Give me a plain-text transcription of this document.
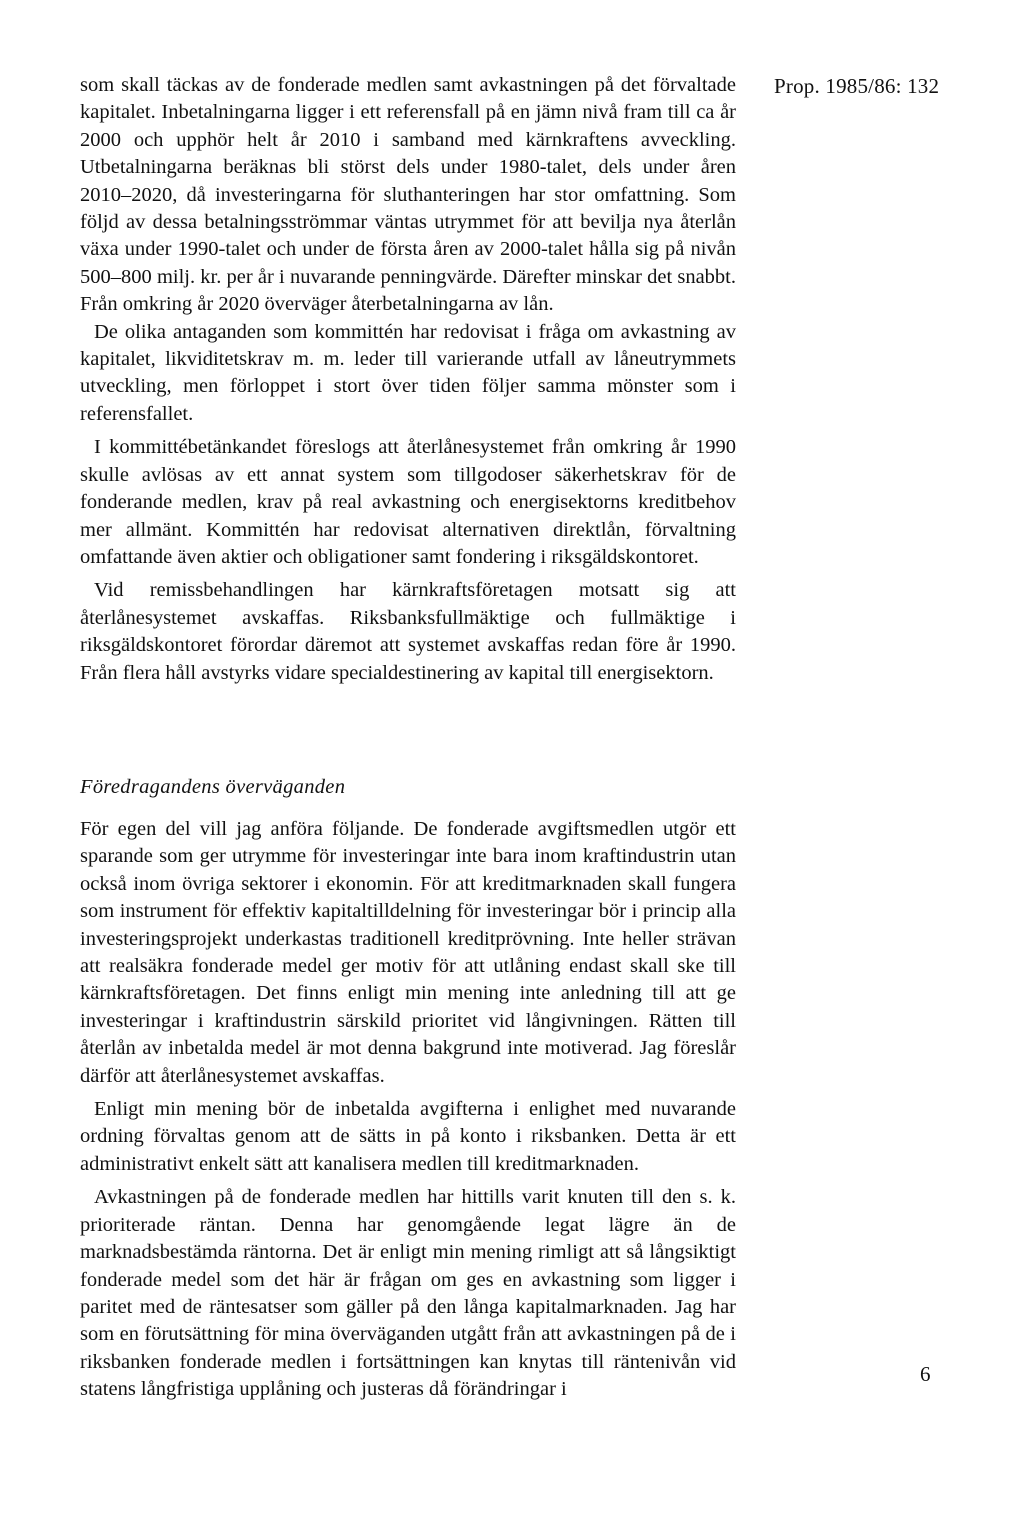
Prop. 1985/86: 132

som skall täckas av de fonderade medlen samt avkastningen på det förvaltade kapitalet. Inbetalningarna ligger i ett referensfall på en jämn nivå fram till ca år 2000 och upphör helt år 2010 i samband med kärnkraftens avveckling. Utbetalningarna beräknas bli störst dels under 1980-talet, dels under åren 2010–2020, då investeringarna för sluthanteringen har stor omfattning. Som följd av dessa betalningsströmmar väntas utrymmet för att bevilja nya återlån växa under 1990-talet och under de första åren av 2000-talet hålla sig på nivån 500–800 milj. kr. per år i nuvarande penningvärde. Därefter minskar det snabbt. Från omkring år 2020 överväger återbetalningarna av lån.

De olika antaganden som kommittén har redovisat i fråga om avkastning av kapitalet, likviditetskrav m. m. leder till varierande utfall av låneutrymmets utveckling, men förloppet i stort över tiden följer samma mönster som i referensfallet.

I kommittébetänkandet föreslogs att återlånesystemet från omkring år 1990 skulle avlösas av ett annat system som tillgodoser säkerhetskrav för de fonderande medlen, krav på real avkastning och energisektorns kreditbehov mer allmänt. Kommittén har redovisat alternativen direktlån, förvaltning omfattande även aktier och obligationer samt fondering i riksgäldskontoret.

Vid remissbehandlingen har kärnkraftsföretagen motsatt sig att återlånesystemet avskaffas. Riksbanksfullmäktige och fullmäktige i riksgäldskontoret förordar däremot att systemet avskaffas redan före år 1990. Från flera håll avstyrks vidare specialdestinering av kapital till energisektorn.

Föredragandens överväganden

För egen del vill jag anföra följande. De fonderade avgiftsmedlen utgör ett sparande som ger utrymme för investeringar inte bara inom kraftindustrin utan också inom övriga sektorer i ekonomin. För att kreditmarknaden skall fungera som instrument för effektiv kapitaltilldelning för investeringar bör i princip alla investeringsprojekt underkastas traditionell kreditprövning. Inte heller strävan att realsäkra fonderade medel ger motiv för att utlåning endast skall ske till kärnkraftsföretagen. Det finns enligt min mening inte anledning till att ge investeringar i kraftindustrin särskild prioritet vid långivningen. Rätten till återlån av inbetalda medel är mot denna bakgrund inte motiverad. Jag föreslår därför att återlånesystemet avskaffas.

Enligt min mening bör de inbetalda avgifterna i enlighet med nuvarande ordning förvaltas genom att de sätts in på konto i riksbanken. Detta är ett administrativt enkelt sätt att kanalisera medlen till kreditmarknaden.

Avkastningen på de fonderade medlen har hittills varit knuten till den s. k. prioriterade räntan. Denna har genomgående legat lägre än de marknadsbestämda räntorna. Det är enligt min mening rimligt att så långsiktigt fonderade medel som det här är frågan om ges en avkastning som ligger i paritet med de räntesatser som gäller på den långa kapitalmarknaden. Jag har som en förutsättning för mina överväganden utgått från att avkastningen på de i riksbanken fonderade medlen i fortsättningen kan knytas till räntenivån vid statens långfristiga upplåning och justeras då förändringar i

6
